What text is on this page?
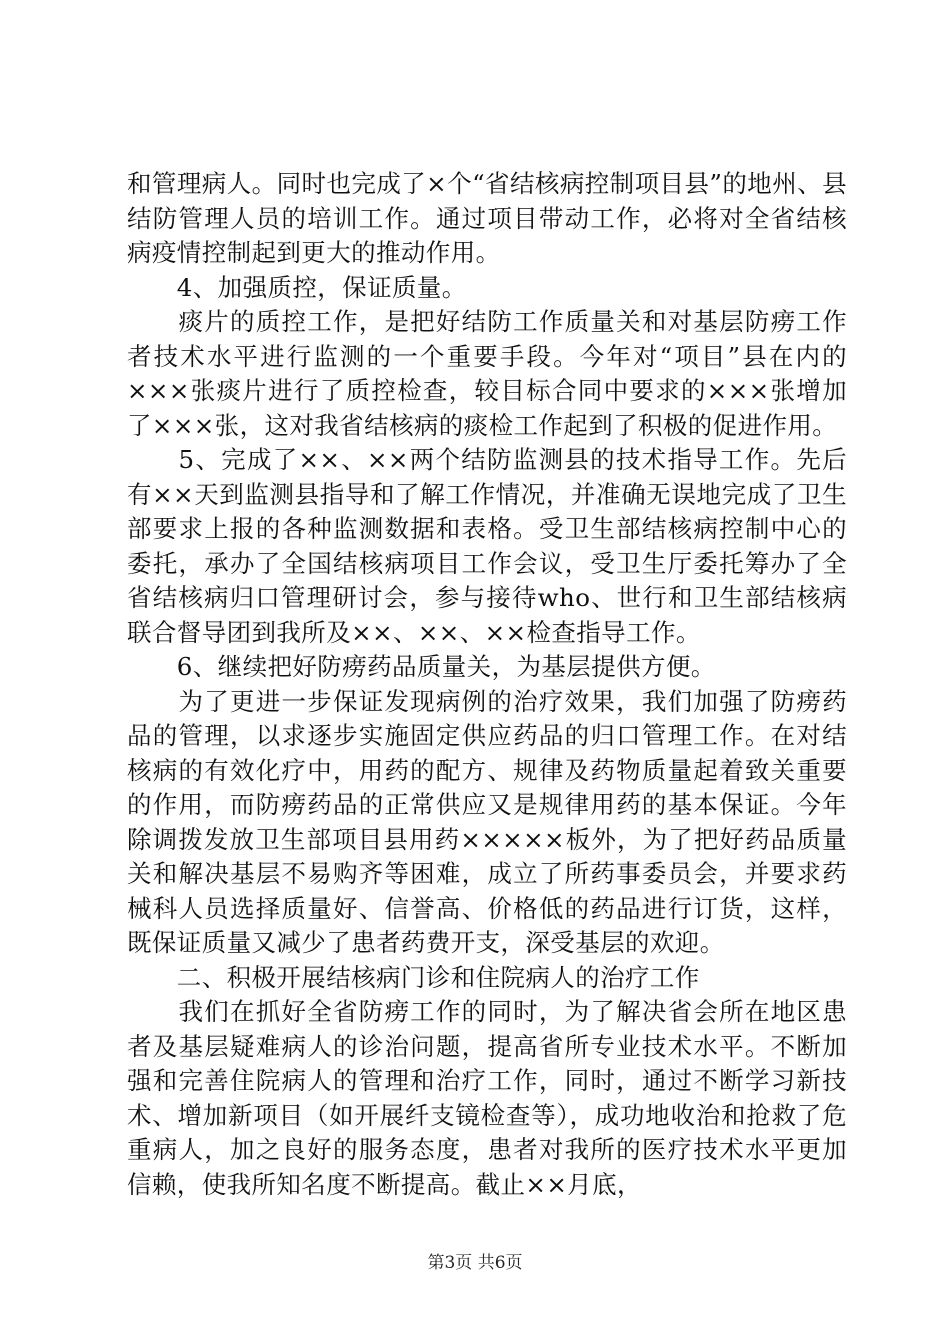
和管理病人。同时也完成了×个“省结核病控制项目县”的地州、县结防管理人员的培训工作。通过项目带动工作，必将对全省结核病疫情控制起到更大的推动作用。

　　4、加强质控，保证质量。

　　痰片的质控工作，是把好结防工作质量关和对基层防痨工作者技术水平进行监测的一个重要手段。今年对“项目”县在内的×××张痰片进行了质控检查，较目标合同中要求的×××张增加了×××张，这对我省结核病的痰检工作起到了积极的促进作用。

　　5、完成了××、××两个结防监测县的技术指导工作。先后有××天到监测县指导和了解工作情况，并准确无误地完成了卫生部要求上报的各种监测数据和表格。受卫生部结核病控制中心的委托，承办了全国结核病项目工作会议，受卫生厅委托筹办了全省结核病归口管理研讨会，参与接待who、世行和卫生部结核病联合督导团到我所及××、××、××检查指导工作。

　　6、继续把好防痨药品质量关，为基层提供方便。

　　为了更进一步保证发现病例的治疗效果，我们加强了防痨药品的管理，以求逐步实施固定供应药品的归口管理工作。在对结核病的有效化疗中，用药的配方、规律及药物质量起着致关重要的作用，而防痨药品的正常供应又是规律用药的基本保证。今年除调拨发放卫生部项目县用药×××××板外，为了把好药品质量关和解决基层不易购齐等困难，成立了所药事委员会，并要求药械科人员选择质量好、信誉高、价格低的药品进行订货，这样，既保证质量又减少了患者药费开支，深受基层的欢迎。

　　二、积极开展结核病门诊和住院病人的治疗工作

　　我们在抓好全省防痨工作的同时，为了解决省会所在地区患者及基层疑难病人的诊治问题，提高省所专业技术水平。不断加强和完善住院病人的管理和治疗工作，同时，通过不断学习新技术、增加新项目（如开展纤支镜检查等），成功地收治和抢救了危重病人，加之良好的服务态度，患者对我所的医疗技术水平更加信赖，使我所知名度不断提高。截止××月底，

第3页 共6页
